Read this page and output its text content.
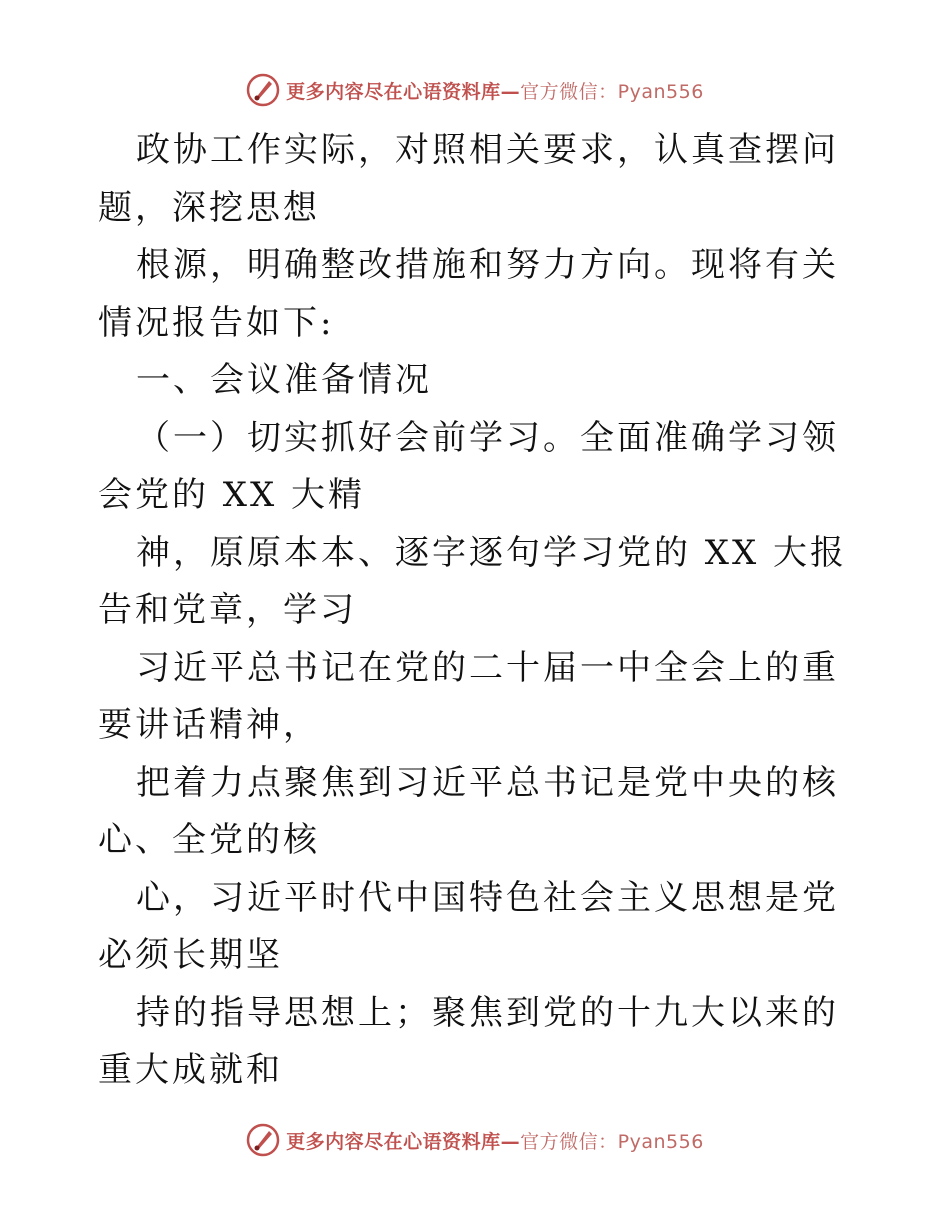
更多内容尽在心语资料库—官方微信：Pyan556

政协工作实际，对照相关要求，认真查摆问题，深挖思想

根源，明确整改措施和努力方向。现将有关情况报告如下:

一、会议准备情况

（一）切实抓好会前学习。全面准确学习领会党的 XX 大精

神，原原本本、逐字逐句学习党的 XX 大报告和党章，学习

习近平总书记在党的二十届一中全会上的重要讲话精神，

把着力点聚焦到习近平总书记是党中央的核心、全党的核

心，习近平时代中国特色社会主义思想是党必须长期坚

持的指导思想上；聚焦到党的十九大以来的重大成就和

更多内容尽在心语资料库—官方微信：Pyan556
